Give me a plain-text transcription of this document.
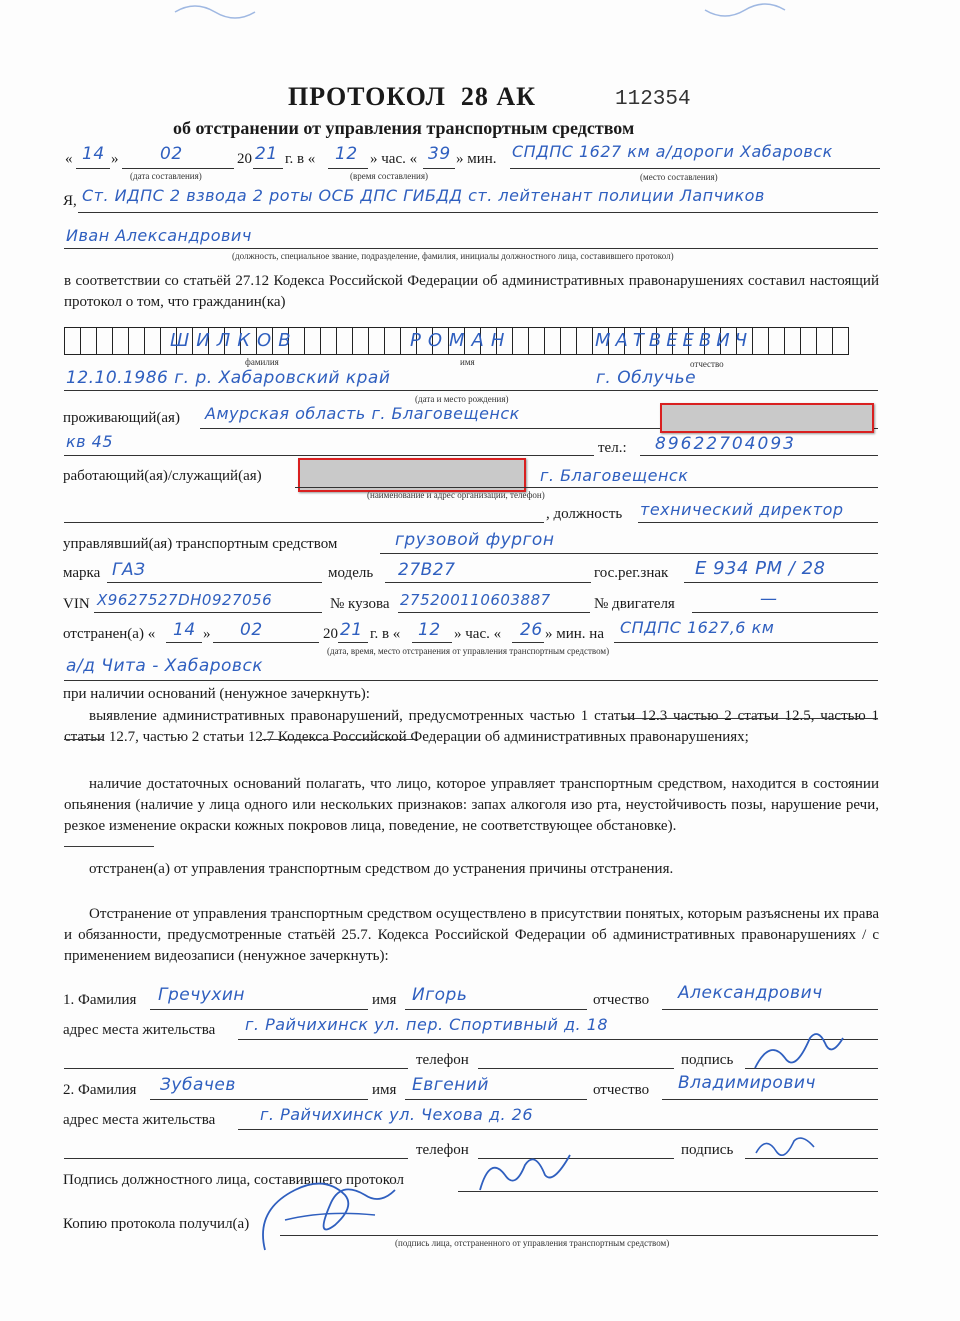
ПРОТОКОЛ 28 АК	112354
об отстранении от управления транспортным средством
« 14 » 02	20 21 г. в « 12 » час. « 39 » мин. СПДПС 1627 км а/дороги Хабаровск
(дата составления)	(время составления)	(место составления)
Я, Ст. ИДПС 2 взвода 2 роты ОСБ ДПС ГИБДД ст. лейтенант полиции Лапчиков
Иван Александрович
(должность, специальное звание, подразделение, фамилия, инициалы должностного лица, составившего протокол)
в соответствии со статьёй 27.12 Кодекса Российской Федерации об административных правонарушениях составил настоящий протокол о том, что гражданин(ка)
ШИЛКОВ	РОМАН	МАТВЕЕВИЧ
фамилия	имя	отчество
12.10.1986 г. р. Хабаровский край	г. Облучье
(дата и место рождения)
проживающий(ая) Амурская область г. Благовещенск
кв 45	тел.: 89622704093
работающий(ая)/служащий(ая)	г. Благовещенск
(наименование и адрес организации, телефон)
, должность технический директор
управлявший(ая) транспортным средством	грузовой фургон
марка ГАЗ	модель 27В27	гос.рег.знак Е 934 РМ / 28
VIN Х9627527DН0927056	№ кузова 275200110603887	№ двигателя	—
отстранен(а) « 14 » 02	20 21 г. в « 12 » час. « 26 » мин. на СПДПС 1627,6 км
(дата, время, место отстранения от управления транспортным средством)
а/д Чита - Хабаровск
при наличии оснований (ненужное зачеркнуть):
выявление административных правонарушений, предусмотренных частью 1 статьи 12.3 частью 2 статьи 12.5, частью 1 статьи 12.7, частью 2 статьи 12.7 Кодекса Российской Федерации об административных правонарушениях;
наличие достаточных оснований полагать, что лицо, которое управляет транспортным средством, находится в состоянии опьянения (наличие у лица одного или нескольких признаков: запах алкоголя изо рта, неустойчивость позы, нарушение речи, резкое изменение окраски кожных покровов лица, поведение, не соответствующее обстановке).
отстранен(а) от управления транспортным средством до устранения причины отстранения.
Отстранение от управления транспортным средством осуществлено в присутствии понятых, которым разъяснены их права и обязанности, предусмотренные статьёй 25.7. Кодекса Российской Федерации об административных правонарушениях / с применением видеозаписи (ненужное зачеркнуть):
1. Фамилия Гречухин	имя Игорь	отчество Александрович
адрес места жительства г. Райчихинск ул. пер. Спортивный д. 18
телефон	подпись
2. Фамилия Зубачев	имя Евгений	отчество Владимирович
адрес места жительства	г. Райчихинск ул. Чехова д. 26
телефон	подпись
Подпись должностного лица, составившего протокол
Копию протокола получил(а)
(подпись лица, отстраненного от управления транспортным средством)
